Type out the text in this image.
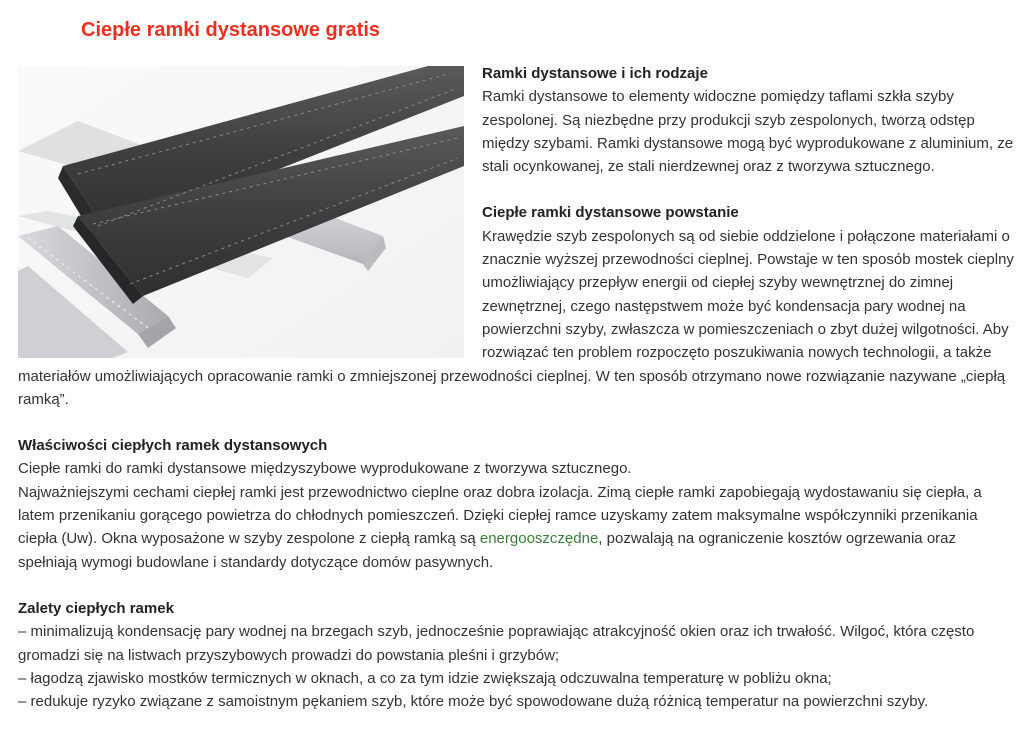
Ciepłe ramki dystansowe gratis

Ramki dystansowe i ich rodzaje

Ramki dystansowe to elementy widoczne pomiędzy taflami szkła szyby zespolonej. Są niezbędne przy produkcji szyb zespolonych, tworzą odstęp między szybami. Ramki dystansowe mogą być wyprodukowane z aluminium, ze stali ocynkowanej, ze stali nierdzewnej oraz z tworzywa sztucznego.

Ciepłe ramki dystansowe powstanie

Krawędzie szyb zespolonych są od siebie oddzielone i połączone materiałami o znacznie wyższej przewodności cieplnej. Powstaje w ten sposób mostek cieplny umożliwiający przepływ energii od ciepłej szyby wewnętrznej do zimnej zewnętrznej, czego następstwem może być kondensacja pary wodnej na powierzchni szyby, zwłaszcza w pomieszczeniach o zbyt dużej wilgotności. Aby rozwiązać ten problem rozpoczęto poszukiwania nowych technologii, a także materiałów umożliwiających opracowanie ramki o zmniejszonej przewodności cieplnej. W ten sposób otrzymano nowe rozwiązanie nazywane „ciepłą ramką”.

Właściwości ciepłych ramek dystansowych

Ciepłe ramki do ramki dystansowe międzyszybowe wyprodukowane z tworzywa sztucznego.

Najważniejszymi cechami ciepłej ramki jest przewodnictwo cieplne oraz dobra izolacja. Zimą ciepłe ramki zapobiegają wydostawaniu się ciepła, a latem przenikaniu gorącego powietrza do chłodnych pomieszczeń. Dzięki ciepłej ramce uzyskamy zatem maksymalne współczynniki przenikania ciepła (Uw). Okna wyposażone w szyby zespolone z ciepłą ramką są energooszczędne, pozwalają na ograniczenie kosztów ogrzewania oraz spełniają wymogi budowlane i standardy dotyczące domów pasywnych.

Zalety ciepłych ramek

– minimalizują kondensację pary wodnej na brzegach szyb, jednocześnie poprawiając atrakcyjność okien oraz ich trwałość. Wilgoć, która często gromadzi się na listwach przyszybowych prowadzi do powstania pleśni i grzybów;
– łagodzą zjawisko mostków termicznych w oknach, a co za tym idzie zwiększają odczuwalna temperaturę w pobliżu okna;
– redukuje ryzyko związane z samoistnym pękaniem szyb, które może być spowodowane dużą różnicą temperatur na powierzchni szyby.
